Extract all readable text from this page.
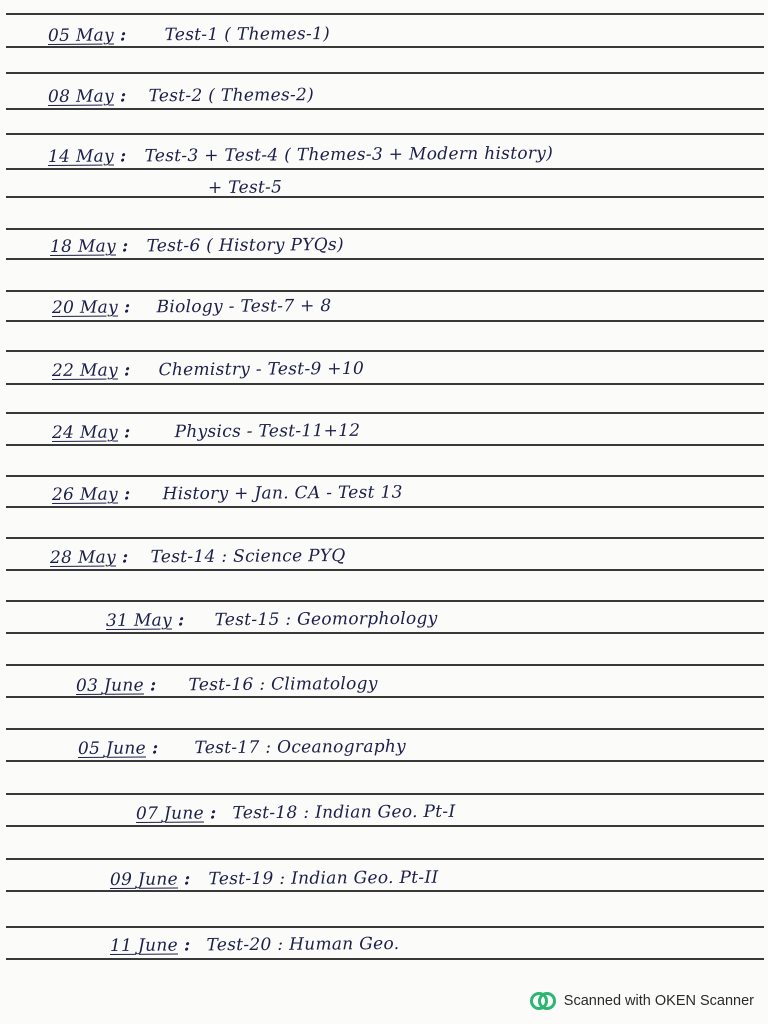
05 May : Test-1 ( Themes-1)
08 May : Test-2 ( Themes-2)
14 May : Test-3 + Test-4 ( Themes-3 + Modern history)
+ Test-5
18 May : Test-6 ( History PYQs)
20 May : Biology - Test-7 + 8
22 May : Chemistry - Test-9 +10
24 May :	Physics - Test-11+12
26 May : History + Jan. CA - Test 13
28 May : Test-14 : Science PYQ
31 May : Test-15 : Geomorphology
03 June : Test-16 : Climatology
05 June : Test-17 : Oceanography
07 June : Test-18 : Indian Geo. Pt-I
09 June : Test-19 : Indian Geo. Pt-II
11 June : Test-20 : Human Geo.
Scanned with OKEN Scanner
